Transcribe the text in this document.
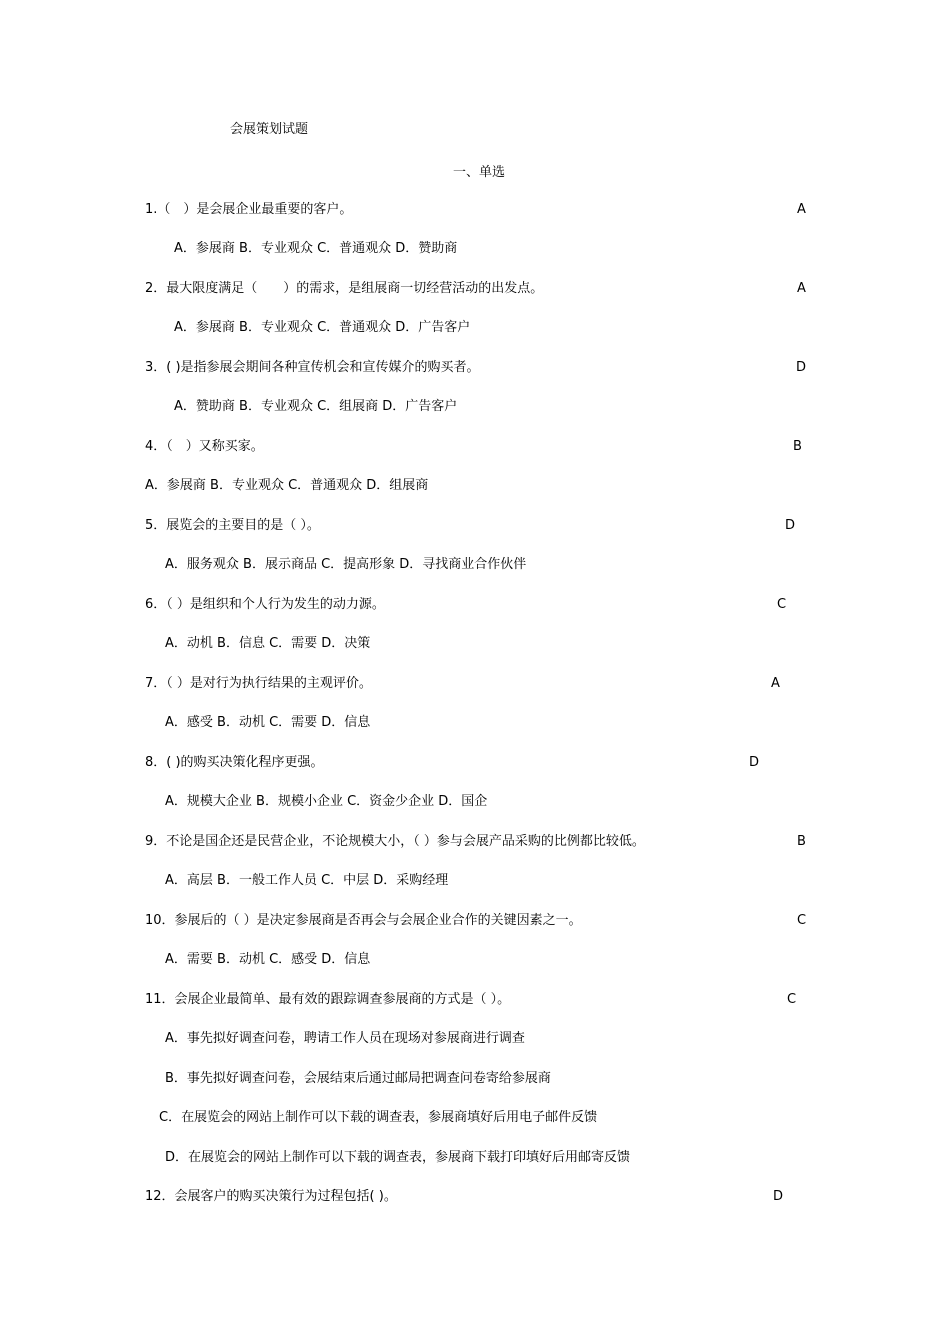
会展策划试题
一、单选
1.（　）是会展企业最重要的客户。	A
A．参展商 B．专业观众 C．普通观众 D．赞助商
2．最大限度满足（　　）的需求，是组展商一切经营活动的出发点。	A
A．参展商 B．专业观众 C．普通观众 D．广告客户
3．( )是指参展会期间各种宣传机会和宣传媒介的购买者。	D
A．赞助商 B．专业观众 C．组展商 D．广告客户
4．（　）又称买家。	B
A．参展商 B．专业观众 C．普通观众 D．组展商
5．展览会的主要目的是（ ）。	D
A．服务观众 B．展示商品 C．提高形象 D．寻找商业合作伙伴
6．（ ）是组织和个人行为发生的动力源。	C
A．动机 B．信息 C．需要 D．决策
7．（ ）是对行为执行结果的主观评价。	A
A．感受 B．动机 C．需要 D．信息
8．( )的购买决策化程序更强。	D
A．规模大企业 B．规模小企业 C．资金少企业 D．国企
9．不论是国企还是民营企业，不论规模大小，（ ）参与会展产品采购的比例都比较低。	B
A．高层 B．一般工作人员 C．中层 D．采购经理
10．参展后的（ ）是决定参展商是否再会与会展企业合作的关键因素之一。	C
A．需要 B．动机 C．感受 D．信息
11．会展企业最简单、最有效的跟踪调查参展商的方式是（ ）。	C
A．事先拟好调查问卷，聘请工作人员在现场对参展商进行调查
B．事先拟好调查问卷，会展结束后通过邮局把调查问卷寄给参展商
C．在展览会的网站上制作可以下载的调查表，参展商填好后用电子邮件反馈
D．在展览会的网站上制作可以下载的调查表，参展商下载打印填好后用邮寄反馈
12．会展客户的购买决策行为过程包括( )。	D
